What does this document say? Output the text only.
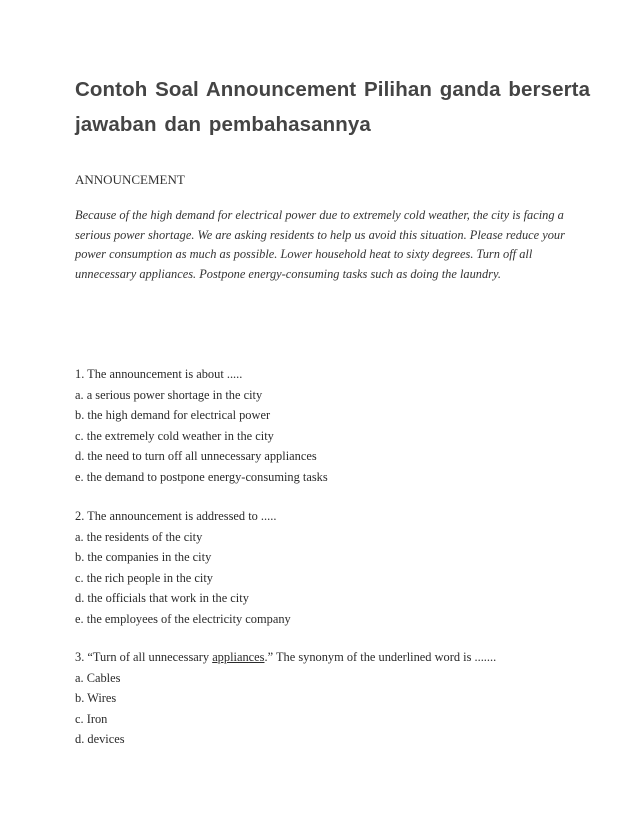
Contoh Soal Announcement Pilihan ganda berserta jawaban dan pembahasannya

ANNOUNCEMENT

Because of the high demand for electrical power due to extremely cold weather, the city is facing a serious power shortage. We are asking residents to help us avoid this situation. Please reduce your power consumption as much as possible. Lower household heat to sixty degrees. Turn off all unnecessary appliances. Postpone energy-consuming tasks such as doing the laundry.

1. The announcement is about .....
a. a serious power shortage in the city
b. the high demand for electrical power
c. the extremely cold weather in the city
d. the need to turn off all unnecessary appliances
e. the demand to postpone energy-consuming tasks
2. The announcement is addressed to .....
a. the residents of the city
b. the companies in the city
c. the rich people in the city
d. the officials that work in the city
e. the employees of the electricity company
3. “Turn of all unnecessary appliances.” The synonym of the underlined word is .......
a. Cables
b. Wires
c. Iron
d. devices
